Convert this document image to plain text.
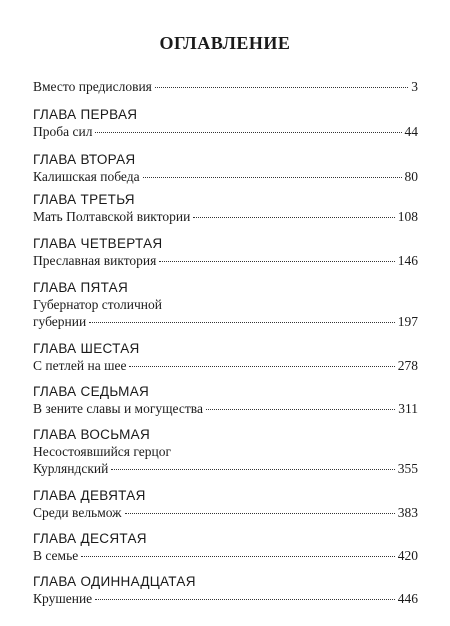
ОГЛАВЛЕНИЕ
Вместо предисловия	3
ГЛАВА ПЕРВАЯ
Проба сил	44
ГЛАВА ВТОРАЯ
Калишская победа	80
ГЛАВА ТРЕТЬЯ
Мать Полтавской виктории	108
ГЛАВА ЧЕТВЕРТАЯ
Преславная виктория	146
ГЛАВА ПЯТАЯ
Губернатор столичной
губернии	197
ГЛАВА ШЕСТАЯ
С петлей на шее	278
ГЛАВА СЕДЬМАЯ
В зените славы и могущества	311
ГЛАВА ВОСЬМАЯ
Несостоявшийся герцог
Курляндский	355
ГЛАВА ДЕВЯТАЯ
Среди вельмож	383
ГЛАВА ДЕСЯТАЯ
В семье	420
ГЛАВА ОДИННАДЦАТАЯ
Крушение	446
